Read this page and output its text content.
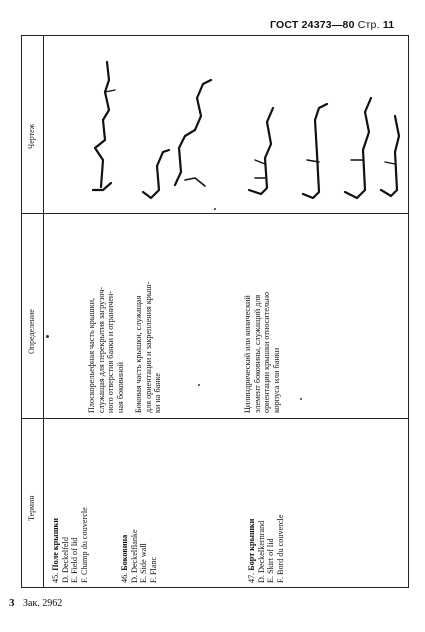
ГОСТ 24373—80 Стр. 11
3 Зак. 2962
Чертеж
Определение
Термин
45. Поле крышки D. Deckelfeld E. Field of lid F. Champ du couvercle
Плоскорельефная часть крышки, служащая для перекрытия загрузоч- ного отверстия банки и ограничен- ная боковиной
46. Боковина D. Deckelflanke E. Side wall F. Flanc
Боковая часть крышки, служащая для ориентации и закрепления крыш- ки на банке
47. Борт крышки D. Deckelkernrand E. Skirt of lid F. Bord du couvercle
Цилиндрический или конический элемент боковины, служащий для ориентации крышки относительно корпуса или банки
